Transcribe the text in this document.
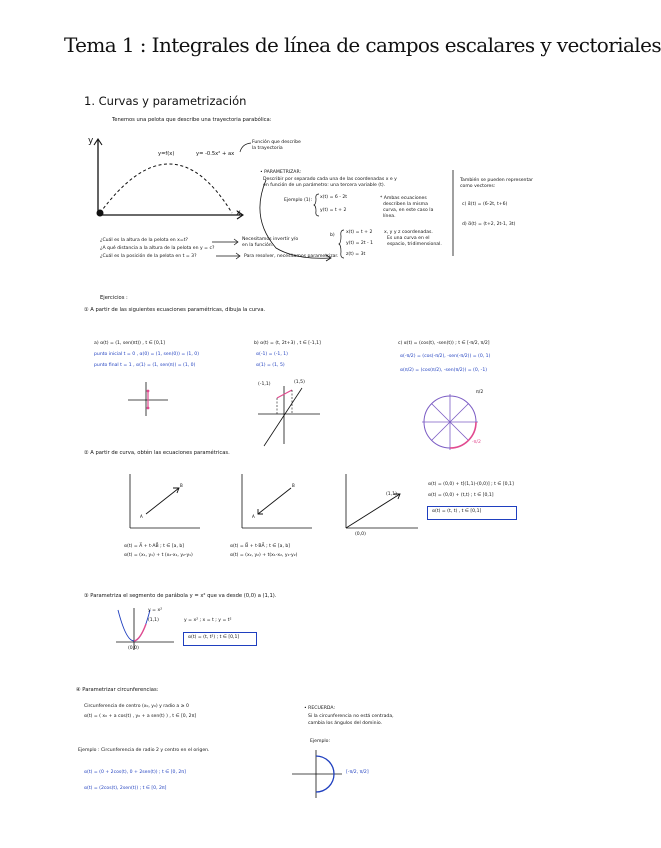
Tema 1 : Integrales de línea de campos escalares y vectoriales
1. Curvas y parametrización
Tenemos una pelota que describe una trayectoria parabólica:
y
x
y=f(x)	y= -0.5x² + ax
Función que describe
la trayectoria
• PARAMETRIZAR:
Describir por separado cada una de las coordenadas x e y
en función de un parámetro: una tercera variable (t).
Ejemplo (1):
x(t) = 6 - 2t
y(t) = t + 2
* Ambas ecuaciones
describen la misma
curva, en este caso la
línea.
También se pueden representar
como vectores:
c) α⃗(t) = (6-2t, t+6)
d) α⃗(t) = (t+2, 2t-1, 3t)
b)
x(t) = t + 2
y(t) = 2t - 1
z(t) = 3t
x, y y z coordenadas.
Es una curva en el
espacio, tridimensional.
¿Cuál es la altura de la pelota en x=t?
¿A qué distancia a la altura de la pelota en y = c?
¿Cuál es la posición de la pelota en t = 3?
Necesitamos invertir y/o
en la función.
Para resolver, necesitamos parametrizar.
Ejercicios :
① A partir de las siguientes ecuaciones paramétricas, dibuja la curva.
a) α(t) = (1, sen(πt)) , t ∈ [0,1]
punto inicial t = 0 , α(0) = (1, sen(0)) = (1, 0)
punto final t = 1 , α(1) = (1, sen(π)) = (1, 0)
b) α(t) = (t, 2t+3) , t ∈ [-1,1]
α(-1) = (-1, 1)
α(1) = (1, 5)
(-1,1)	(1,5)
c) α(t) = (cos(t), -sen(t)) ; t ∈ [-π/2, π/2]
α(-π/2) = (cos(-π/2), -sen(-π/2)) = (0, 1)
α(π/2) = (cos(π/2), -sen(π/2)) = (0, -1)
π/2
-π/2
② A partir de curva, obtén las ecuaciones paramétricas.
A
B
A
B
(1,1)
(0,0)
α(t) = A⃗ + t·AB⃗ ; t ∈ [a, b]
α(t) = (x₁, y₁) + t (x₂-x₁, y₂-y₁)
α(t) = B⃗ + t·BA⃗ ; t ∈ [a, b]
α(t) = (x₂, y₂) + t(x₁-x₂, y₁-y₂)
α(t) = (0,0) + t[(1,1)-(0,0)] ; t ∈ [0,1]
α(t) = (0,0) + (t,t) ; t ∈ [0,1]
α(t) = (t, t) , t ∈ [0,1]
③ Parametriza el segmento de parábola y = x² que va desde (0,0) a (1,1).
y = x²
(1,1)
(0,0)
y = x² ; x = t ; y = t²
α(t) = (t, t²) ; t ∈ [0,1]
④ Parametrizar circunferencias:
Circunferencia de centro (x₀, y₀) y radio a ≥ 0
α(t) = ( x₀ + a cos(t) , y₀ + a sen(t) ) , t ∈ [0, 2π]
• RECUERDA:
Si la circunferencia no está centrada,
cambia los ángulos del dominio.
Ejemplo:
[-π/2, π/2]
Ejemplo : Circunferencia de radio 2 y centro en el origen.
α(t) = (0 + 2cos(t), 0 + 2sen(t)) ; t ∈ [0, 2π]
α(t) = (2cos(t), 2sen(t)) ; t ∈ [0, 2π]
